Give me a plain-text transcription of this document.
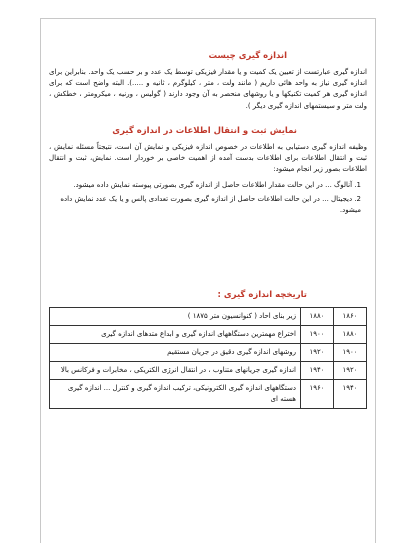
اندازه گیری چیست

اندازه گیری عبارتست از تعیین یک کمیت و یا مقدار فیزیکی توسط یک عدد و بر حسب یک واحد. بنابراین برای اندازه گیری نیاز به واحد هائی داریم ( مانند ولت ، متر ، کیلوگرم ، ثانیه و .....). البته واضح است که برای اندازه گیری هر کمیت تکنیکها و یا روشهای منحصر به آن وجود دارند ( گولیس ، ورنیه ، میکرومتر ، خطکش ، ولت متر و سیستمهای اندازه گیری دیگر ).

نمایش ثبت و انتقال اطلاعات در اندازه گیری

وظیفه اندازه گیری دستیابی به اطلاعات در خصوص اندازه فیزیکی و نمایش آن است، نتیجتاً مسئله نمایش ، ثبت و انتقال اطلاعات برای اطلاعات بدست آمده از اهمیت خاصی بر خوردار است. نمایش، ثبت و انتقال اطلاعات بصور زیر انجام میشود:

1. آنالوگ ... در این حالت مقدار اطلاعات حاصل از اندازه گیری بصورتی پیوسته نمایش داده میشود.
2. دیجیتال ... در این حالت اطلاعات حاصل از اندازه گیری بصورت تعدادی پالس و یا یک عدد نمایش داده میشود.
تاریخچه اندازه گیری :
۱۸۶۰	۱۸۸۰	زیر بنای احاد ( کنوانسیون متر ۱۸۷۵ )
۱۸۸۰	۱۹۰۰	اختراع مهمترین دستگاههای اندازه گیری و ابداع متدهای اندازه گیری
۱۹۰۰	۱۹۲۰	روشهای اندازه گیری دقیق در جریان مستقیم
۱۹۲۰	۱۹۴۰	اندازه گیری جریانهای متناوب ، در انتقال انرژی الکتریکی ، مخابرات و فرکانس بالا
۱۹۴۰	۱۹۶۰	دستگاههای اندازه گیری الکترونیکی، ترکیب اندازه گیری و کنترل ... اندازه گیری هسته ای
